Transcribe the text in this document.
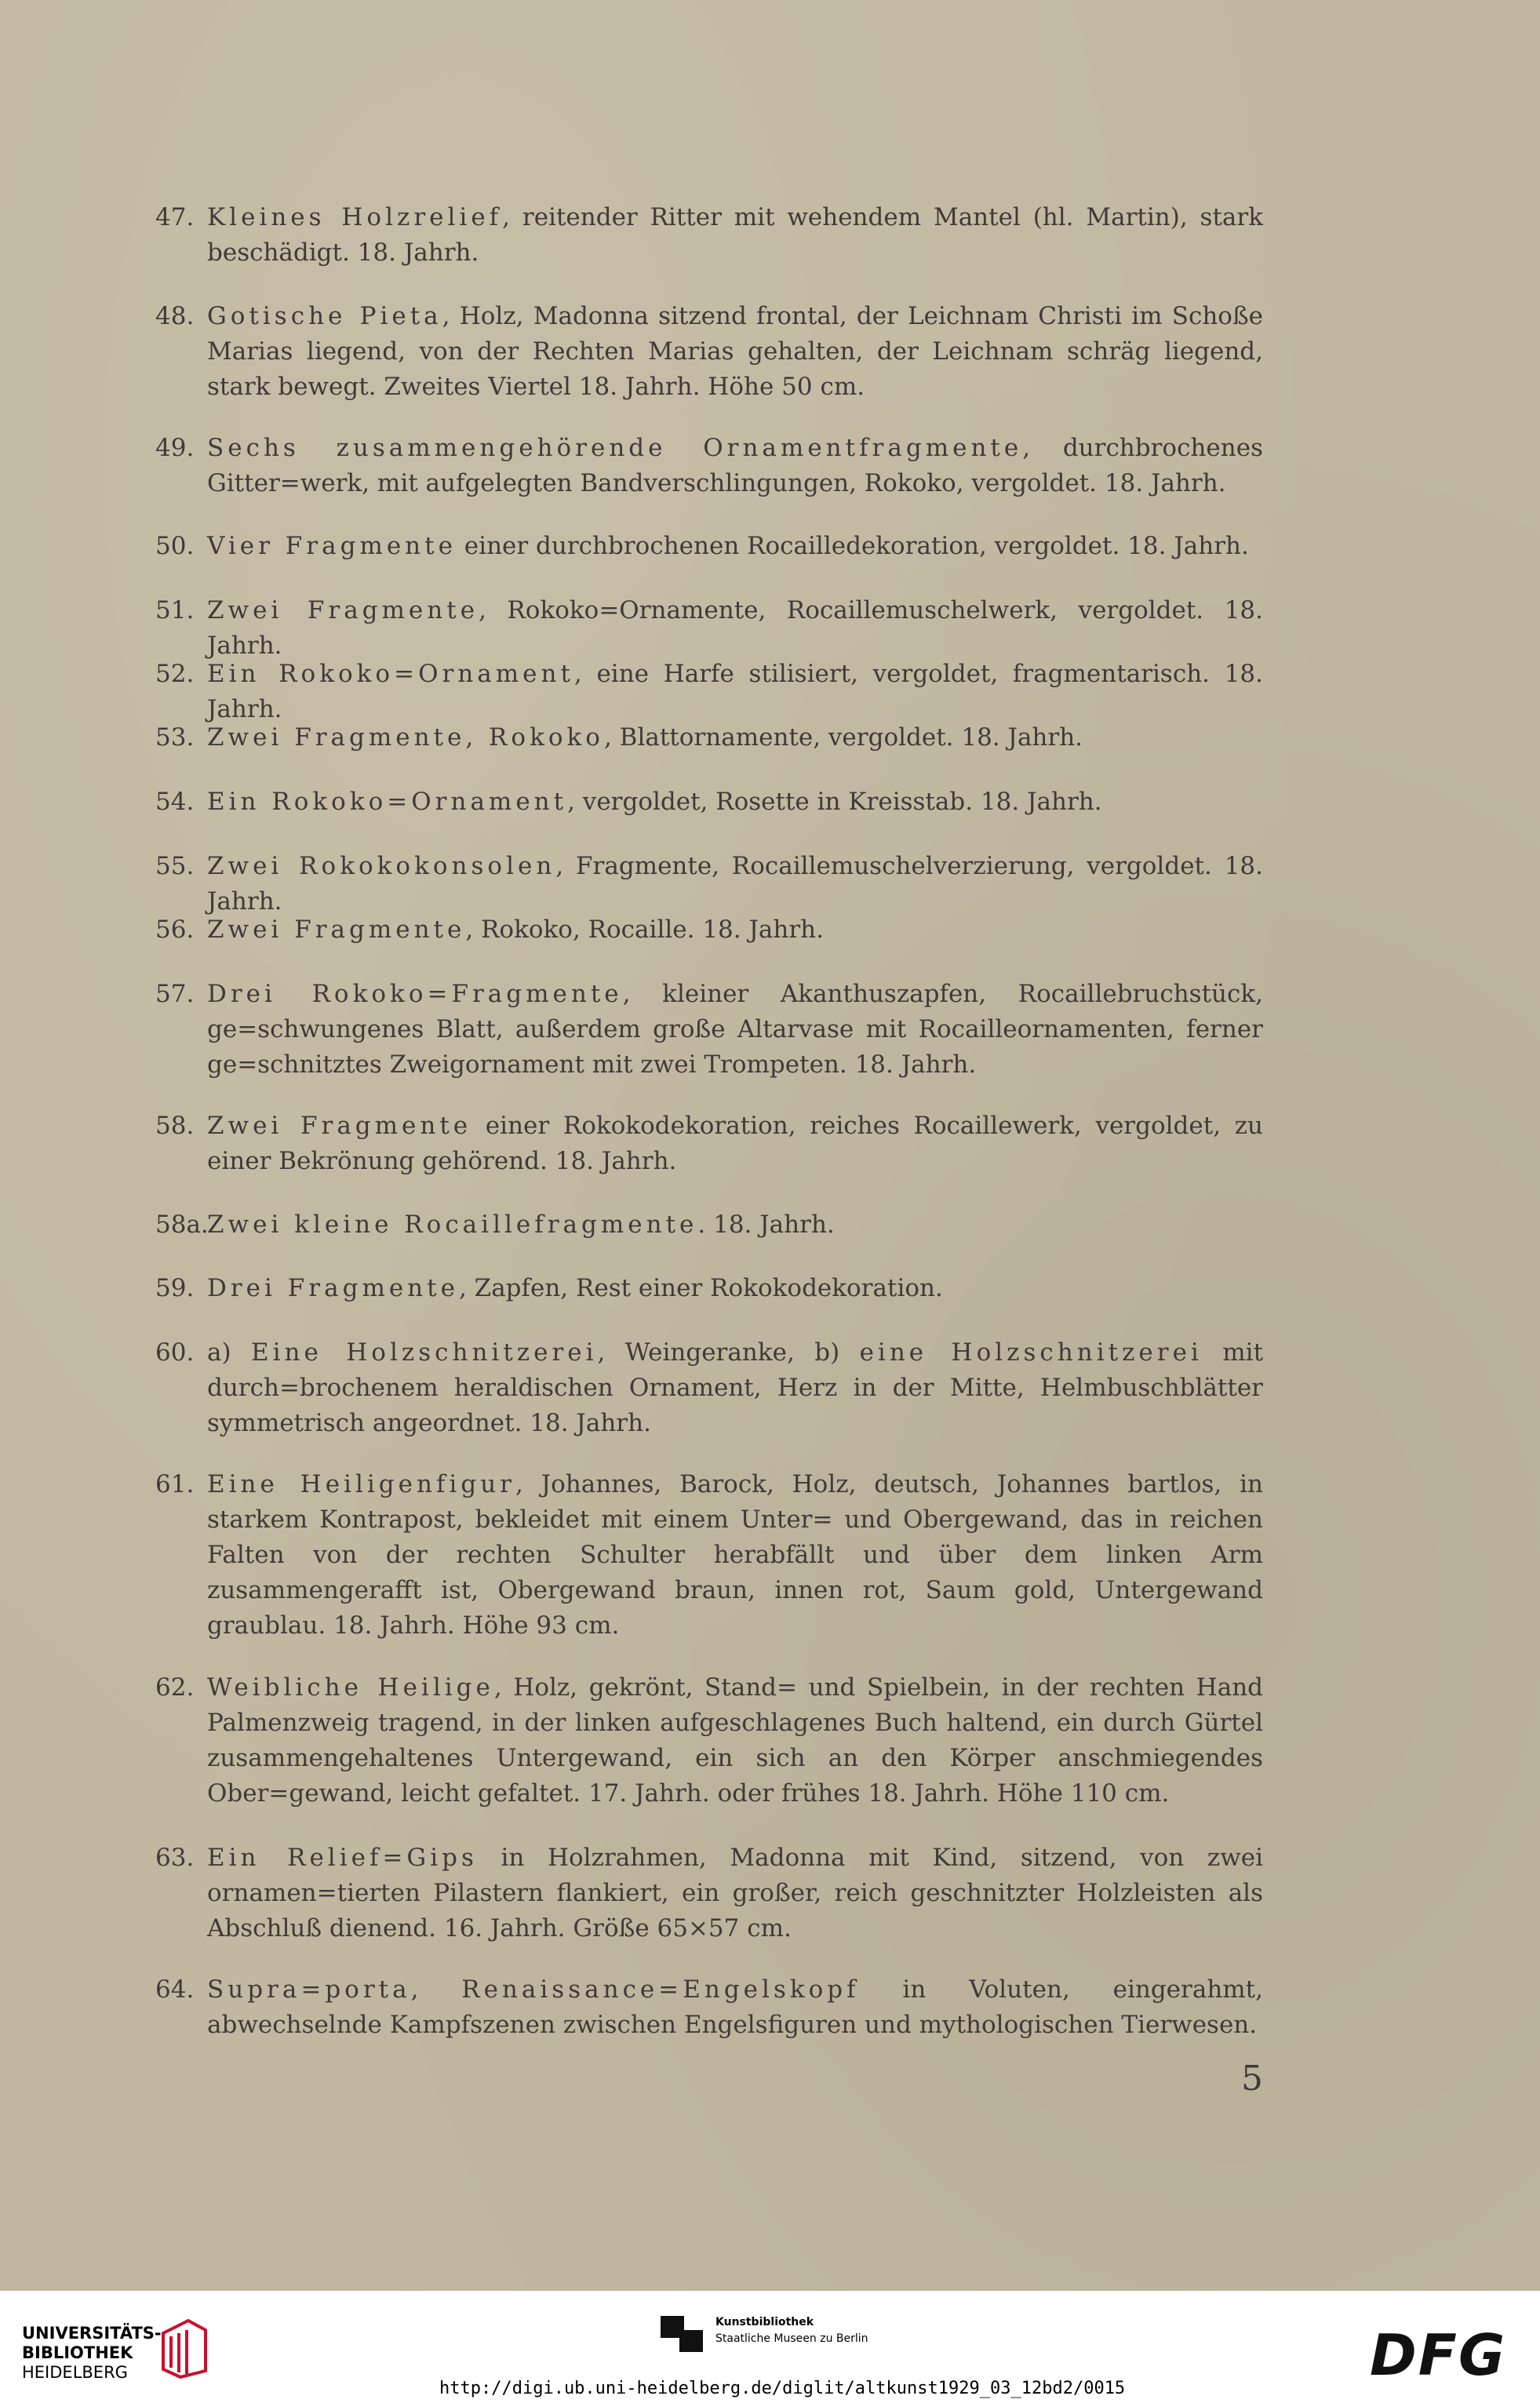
47. Kleines Holzrelief, reitender Ritter mit wehendem Mantel (hl. Martin), stark beschädigt. 18. Jahrh.
48. Gotische Pieta, Holz, Madonna sitzend frontal, der Leichnam Christi im Schoße Marias liegend, von der Rechten Marias gehalten, der Leichnam schräg liegend, stark bewegt. Zweites Viertel 18. Jahrh. Höhe 50 cm.
49. Sechs zusammengehörende Ornamentfragmente, durchbrochenes Gitter=werk, mit aufgelegten Bandverschlingungen, Rokoko, vergoldet. 18. Jahrh.
50. Vier Fragmente einer durchbrochenen Rocailledekoration, vergoldet. 18. Jahrh.
51. Zwei Fragmente, Rokoko=Ornamente, Rocaillemuschelwerk, vergoldet. 18. Jahrh.
52. Ein Rokoko=Ornament, eine Harfe stilisiert, vergoldet, fragmentarisch. 18. Jahrh.
53. Zwei Fragmente, Rokoko, Blattornamente, vergoldet. 18. Jahrh.
54. Ein Rokoko=Ornament, vergoldet, Rosette in Kreisstab. 18. Jahrh.
55. Zwei Rokokokonsolen, Fragmente, Rocaillemuschelverzierung, vergoldet. 18. Jahrh.
56. Zwei Fragmente, Rokoko, Rocaille. 18. Jahrh.
57. Drei Rokoko=Fragmente, kleiner Akanthuszapfen, Rocaillebruchstück, ge=schwungenes Blatt, außerdem große Altarvase mit Rocailleornamenten, ferner ge=schnitztes Zweigornament mit zwei Trompeten. 18. Jahrh.
58. Zwei Fragmente einer Rokokodekoration, reiches Rocaillewerk, vergoldet, zu einer Bekrönung gehörend. 18. Jahrh.
58a.
Zwei kleine Rocaillefragmente. 18. Jahrh.
59. Drei Fragmente, Zapfen, Rest einer Rokokodekoration.
60. a) Eine Holzschnitzerei, Weingeranke, b) eine Holzschnitzerei mit durch=brochenem heraldischen Ornament, Herz in der Mitte, Helmbuschblätter symmetrisch angeordnet. 18. Jahrh.
61. Eine Heiligenfigur, Johannes, Barock, Holz, deutsch, Johannes bartlos, in starkem Kontrapost, bekleidet mit einem Unter= und Obergewand, das in reichen Falten von der rechten Schulter herabfällt und über dem linken Arm zusammengerafft ist, Obergewand braun, innen rot, Saum gold, Untergewand graublau. 18. Jahrh. Höhe 93 cm.
62. Weibliche Heilige, Holz, gekrönt, Stand= und Spielbein, in der rechten Hand Palmenzweig tragend, in der linken aufgeschlagenes Buch haltend, ein durch Gürtel zusammengehaltenes Untergewand, ein sich an den Körper anschmiegendes Ober=gewand, leicht gefaltet. 17. Jahrh. oder frühes 18. Jahrh. Höhe 110 cm.
63. Ein Relief=Gips in Holzrahmen, Madonna mit Kind, sitzend, von zwei ornamen=tierten Pilastern flankiert, ein großer, reich geschnitzter Holzleisten als Abschluß dienend. 16. Jahrh. Größe 65×57 cm.
64. Supra=porta, Renaissance=Engelskopf in Voluten, eingerahmt, abwechselnde Kampfszenen zwischen Engelsfiguren und mythologischen Tierwesen.
5
UNIVERSITÄTS-
BIBLIOTHEK
HEIDELBERG
Kunstbibliothek
Staatliche Museen zu Berlin	DFG
http://digi.ub.uni-heidelberg.de/diglit/altkunst1929_03_12bd2/0015
